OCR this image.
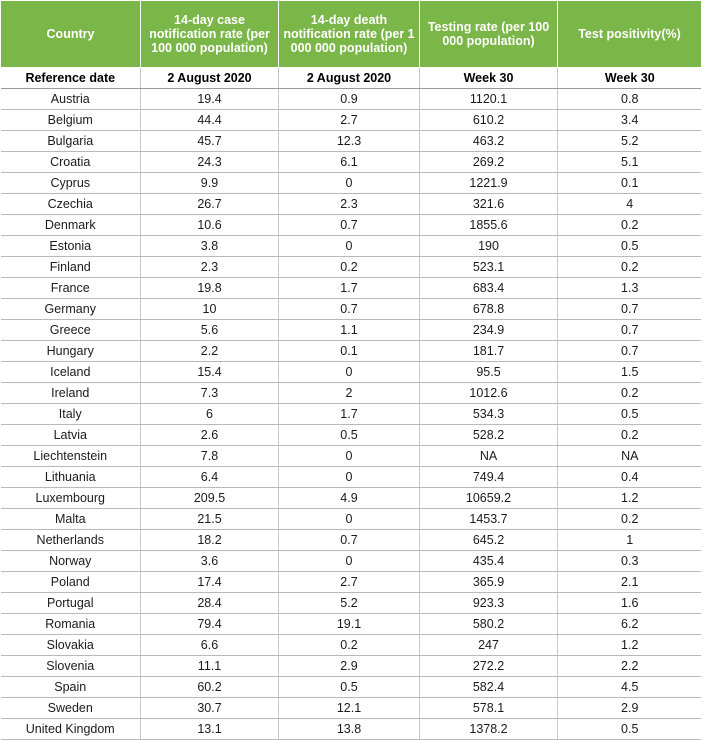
Country	14-day case notification rate (per 100 000 population)	14-day death notification rate (per 1 000 000 population)	Testing rate (per 100 000 population)	Test positivity(%)
Reference date	2 August 2020	2 August 2020	Week 30	Week 30
Austria	19.4	0.9	1120.1	0.8
Belgium	44.4	2.7	610.2	3.4
Bulgaria	45.7	12.3	463.2	5.2
Croatia	24.3	6.1	269.2	5.1
Cyprus	9.9	0	1221.9	0.1
Czechia	26.7	2.3	321.6	4
Denmark	10.6	0.7	1855.6	0.2
Estonia	3.8	0	190	0.5
Finland	2.3	0.2	523.1	0.2
France	19.8	1.7	683.4	1.3
Germany	10	0.7	678.8	0.7
Greece	5.6	1.1	234.9	0.7
Hungary	2.2	0.1	181.7	0.7
Iceland	15.4	0	95.5	1.5
Ireland	7.3	2	1012.6	0.2
Italy	6	1.7	534.3	0.5
Latvia	2.6	0.5	528.2	0.2
Liechtenstein	7.8	0	NA	NA
Lithuania	6.4	0	749.4	0.4
Luxembourg	209.5	4.9	10659.2	1.2
Malta	21.5	0	1453.7	0.2
Netherlands	18.2	0.7	645.2	1
Norway	3.6	0	435.4	0.3
Poland	17.4	2.7	365.9	2.1
Portugal	28.4	5.2	923.3	1.6
Romania	79.4	19.1	580.2	6.2
Slovakia	6.6	0.2	247	1.2
Slovenia	11.1	2.9	272.2	2.2
Spain	60.2	0.5	582.4	4.5
Sweden	30.7	12.1	578.1	2.9
United Kingdom	13.1	13.8	1378.2	0.5
